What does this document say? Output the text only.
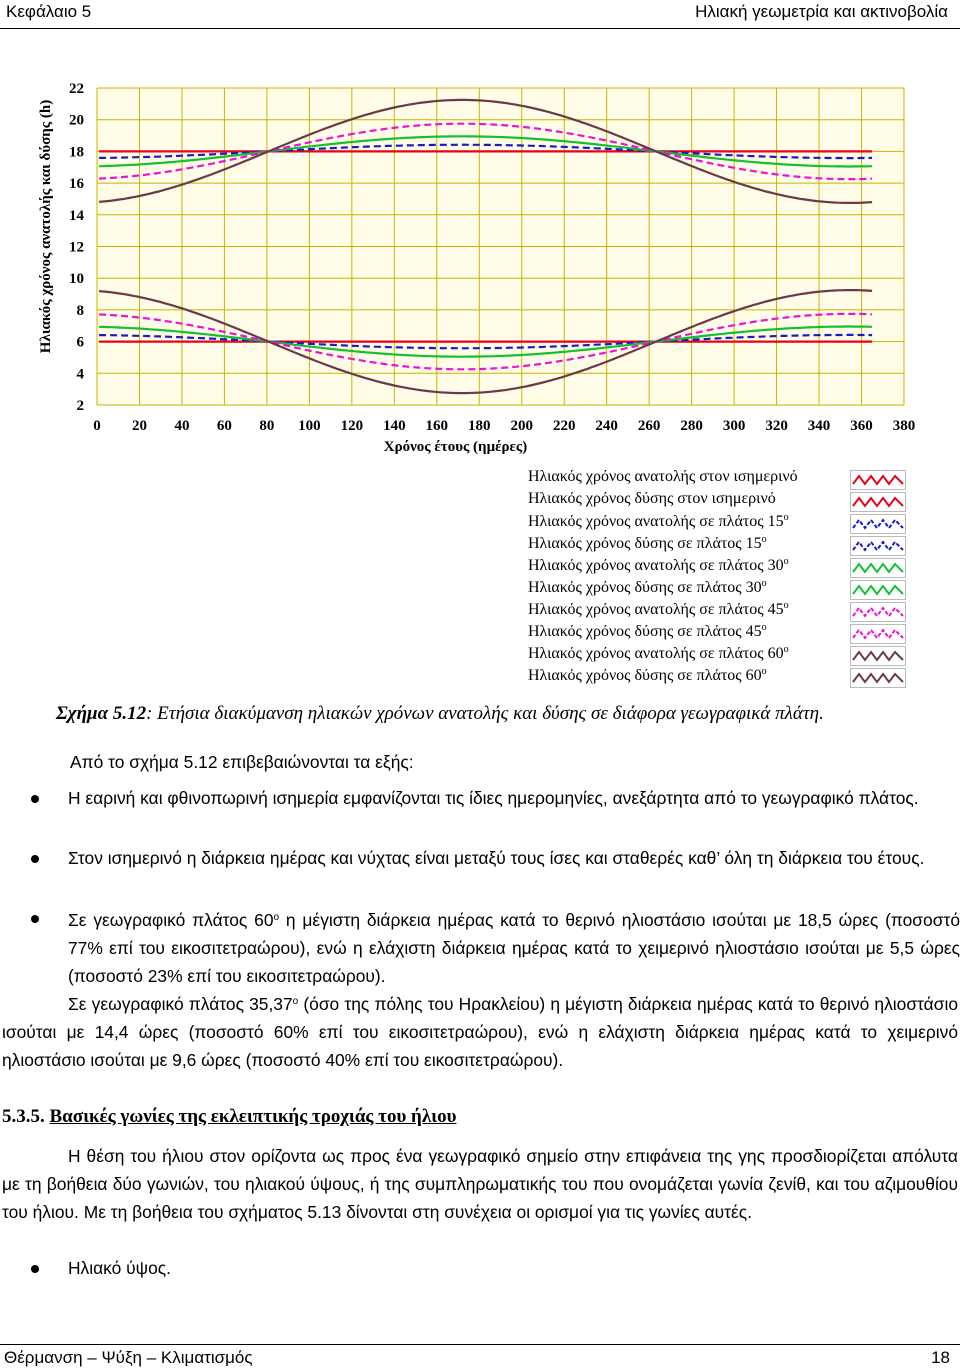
Κεφάλαιο 5	Ηλιακή γεωμετρία και ακτινοβολία
0 20 40 60 80 100 120 140 160 180 200 220 240 260 280 300 320 340 360 380
2
4
6
8
10
12
14
16
18
20
22
Χρόνος έτους (ημέρες)
Ηλιακός χρόνος ανατολής και δύσης (h)
Ηλιακός χρόνος ανατολής στον ισημερινό
Ηλιακός χρόνος δύσης στον ισημερινό
Ηλιακός χρόνος ανατολής σε πλάτος $15^o$
Ηλιακός χρόνος δύσης σε πλάτος $15^o$
Ηλιακός χρόνος ανατολής σε πλάτος $30^o$
Ηλιακός χρόνος δύσης σε πλάτος $30^o$
Ηλιακός χρόνος ανατολής σε πλάτος $45^o$
Ηλιακός χρόνος δύσης σε πλάτος $45^o$
Ηλιακός χρόνος ανατολής σε πλάτος $60^o$
Ηλιακός χρόνος δύσης σε πλάτος $60^o$
Σχήμα 5.12: Ετήσια διακύμανση ηλιακών χρόνων ανατολής και δύσης σε διάφορα γεωγραφικά πλάτη.
Από το σχήμα 5.12 επιβεβαιώνονται τα εξής:
Η εαρινή και φθινοπωρινή ισημερία εμφανίζονται τις ίδιες ημερομηνίες, ανεξάρτητα από το γεωγραφικό πλάτος.
Στον ισημερινό η διάρκεια ημέρας και νύχτας είναι μεταξύ τους ίσες και σταθερές καθ’ όλη τη διάρκεια του έτους.
Σε γεωγραφικό πλάτος $60^o$ η μέγιστη διάρκεια ημέρας κατά το θερινό ηλιοστάσιο ισούται με 18,5 ώρες (ποσοστό 77% επί του εικοσιτετραώρου), ενώ η ελάχιστη διάρκεια ημέρας κατά το χειμερινό ηλιοστάσιο ισούται με 5,5 ώρες (ποσοστό 23% επί του εικοσιτετραώρου).
Σε γεωγραφικό πλάτος $35,37^o$ (όσο της πόλης του Ηρακλείου) η μέγιστη διάρκεια ημέρας κατά το θερινό ηλιοστάσιο ισούται με 14,4 ώρες (ποσοστό 60% επί του εικοσιτετραώρου), ενώ η ελάχιστη διάρκεια ημέρας κατά το χειμερινό ηλιοστάσιο ισούται με 9,6 ώρες (ποσοστό 40% επί του εικοσιτετραώρου).
5.3.5. Βασικές γωνίες της εκλειπτικής τροχιάς του ήλιου
Η θέση του ήλιου στον ορίζοντα ως προς ένα γεωγραφικό σημείο στην επιφάνεια της γης προσδιορίζεται απόλυτα με τη βοήθεια δύο γωνιών, του ηλιακού ύψους, ή της συμπληρωματικής του που ονομάζεται γωνία ζενίθ, και του αζιμουθίου του ήλιου. Με τη βοήθεια του σχήματος 5.13 δίνονται στη συνέχεια οι ορισμοί για τις γωνίες αυτές.
Ηλιακό ύψος.
Θέρμανση – Ψύξη – Κλιματισμός	18
